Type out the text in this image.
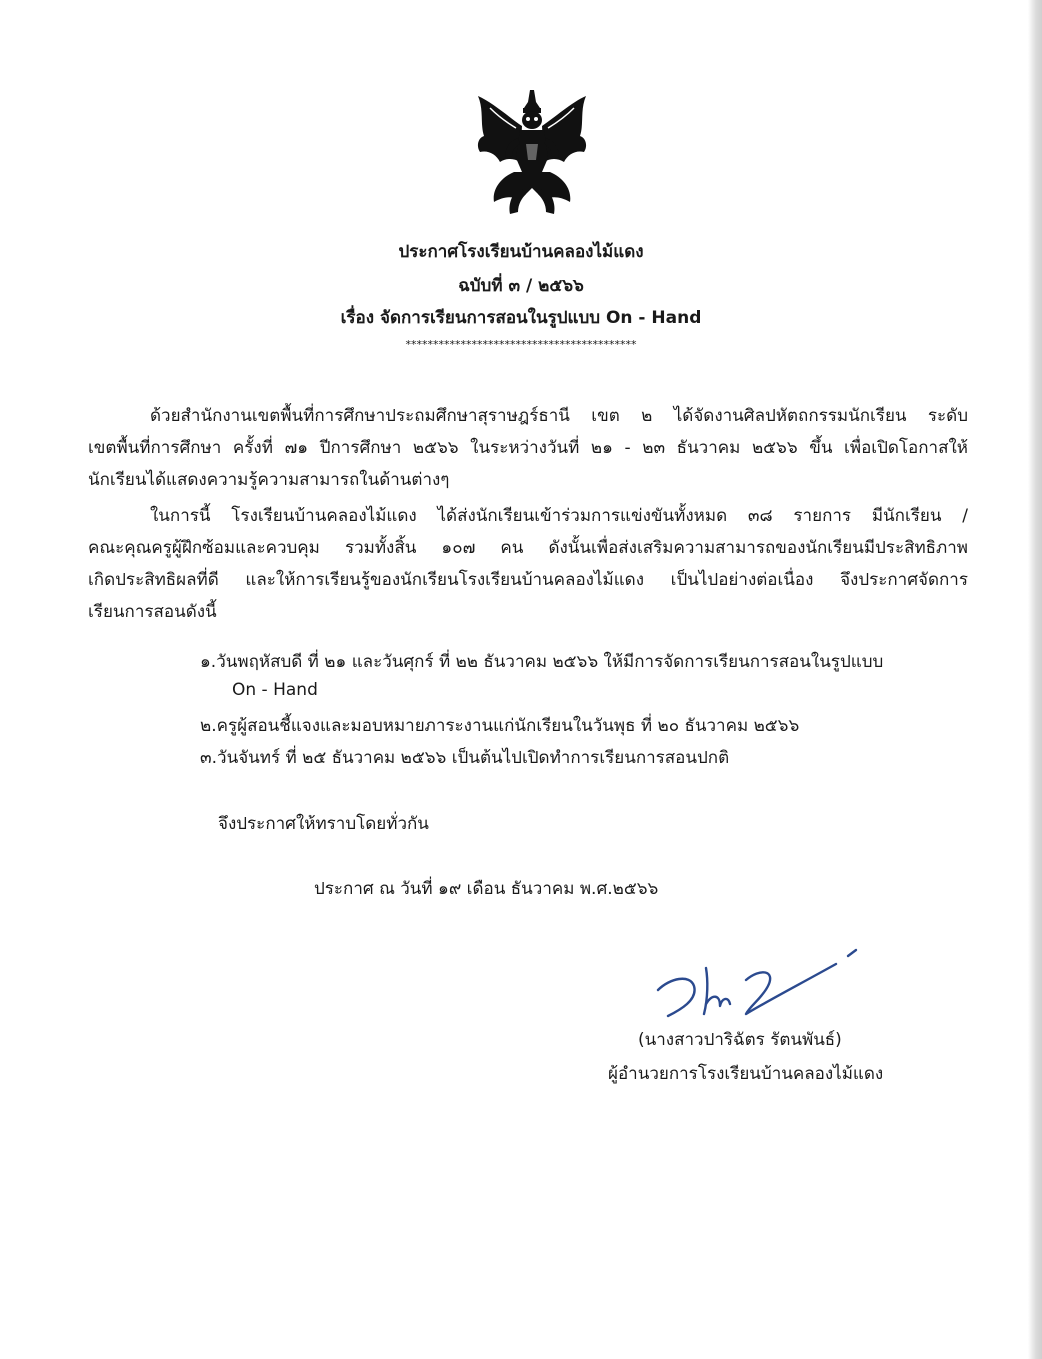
ประกาศโรงเรียนบ้านคลองไม้แดง
ฉบับที่ ๓ / ๒๕๖๖
เรื่อง จัดการเรียนการสอนในรูปแบบ On - Hand
******************************************
ด้วยสำนักงานเขตพื้นที่การศึกษาประถมศึกษาสุราษฎร์ธานี เขต ๒ ได้จัดงานศิลปหัตถกรรมนักเรียน ระดับ
เขตพื้นที่การศึกษา ครั้งที่ ๗๑ ปีการศึกษา ๒๕๖๖ ในระหว่างวันที่ ๒๑ - ๒๓ ธันวาคม ๒๕๖๖ ขึ้น เพื่อเปิดโอกาสให้
นักเรียนได้แสดงความรู้ความสามารถในด้านต่างๆ
ในการนี้ โรงเรียนบ้านคลองไม้แดง ได้ส่งนักเรียนเข้าร่วมการแข่งขันทั้งหมด ๓๘ รายการ มีนักเรียน /
คณะคุณครูผู้ฝึกซ้อมและควบคุม รวมทั้งสิ้น ๑๐๗ คน ดังนั้นเพื่อส่งเสริมความสามารถของนักเรียนมีประสิทธิภาพ
เกิดประสิทธิผลที่ดี และให้การเรียนรู้ของนักเรียนโรงเรียนบ้านคลองไม้แดง เป็นไปอย่างต่อเนื่อง จึงประกาศจัดการ
เรียนการสอนดังนี้
๑.วันพฤหัสบดี ที่ ๒๑ และวันศุกร์ ที่ ๒๒ ธันวาคม ๒๕๖๖ ให้มีการจัดการเรียนการสอนในรูปแบบ
On - Hand
๒.ครูผู้สอนชี้แจงและมอบหมายภาระงานแก่นักเรียนในวันพุธ ที่ ๒๐ ธันวาคม ๒๕๖๖
๓.วันจันทร์ ที่ ๒๕ ธันวาคม ๒๕๖๖ เป็นต้นไปเปิดทำการเรียนการสอนปกติ
จึงประกาศให้ทราบโดยทั่วกัน
ประกาศ ณ วันที่ ๑๙ เดือน ธันวาคม พ.ศ.๒๕๖๖
(นางสาวปาริฉัตร รัตนพันธ์)
ผู้อำนวยการโรงเรียนบ้านคลองไม้แดง
